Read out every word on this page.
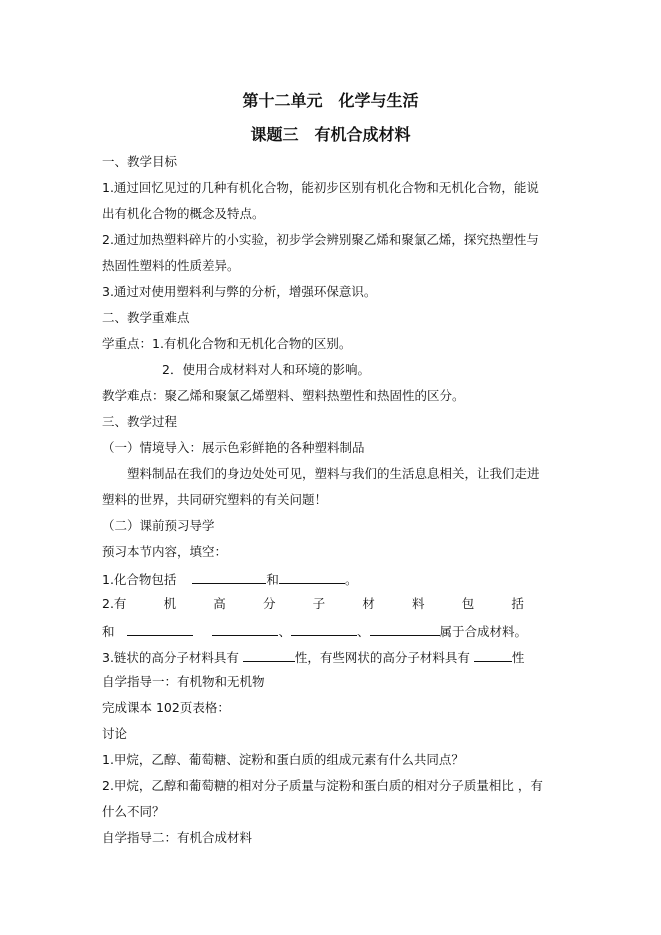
第十二单元　化学与生活
课题三　有机合成材料
一、教学目标
1.通过回忆见过的几种有机化合物，能初步区别有机化合物和无机化合物，能说
出有机化合物的概念及特点。
2.通过加热塑料碎片的小实验，初步学会辨别聚乙烯和聚氯乙烯，探究热塑性与
热固性塑料的性质差异。
3.通过对使用塑料利与弊的分析，增强环保意识。
二、教学重难点
学重点：1.有机化合物和无机化合物的区别。
2．使用合成材料对人和环境的影响。
教学难点：聚乙烯和聚氯乙烯塑料、塑料热塑性和热固性的区分。
三、教学过程
（一）情境导入：展示色彩鲜艳的各种塑料制品
塑料制品在我们的身边处处可见，塑料与我们的生活息息相关，让我们走进
塑料的世界，共同研究塑料的有关问题！
（二）课前预习导学
预习本节内容，填空：
1.化合物包括	和	。
2.有	机	高	分	子	材	料	包	括
和	、	、	属于合成材料。
3.链状的高分子材料具有	性，有些网状的高分子材料具有	性
自学指导一：有机物和无机物
完成课本 102页表格：
讨论
1.甲烷，乙醇、葡萄糖、淀粉和蛋白质的组成元素有什么共同点？
2.甲烷，乙醇和葡萄糖的相对分子质量与淀粉和蛋白质的相对分子质量相比 ，有
什么不同？
自学指导二：有机合成材料
